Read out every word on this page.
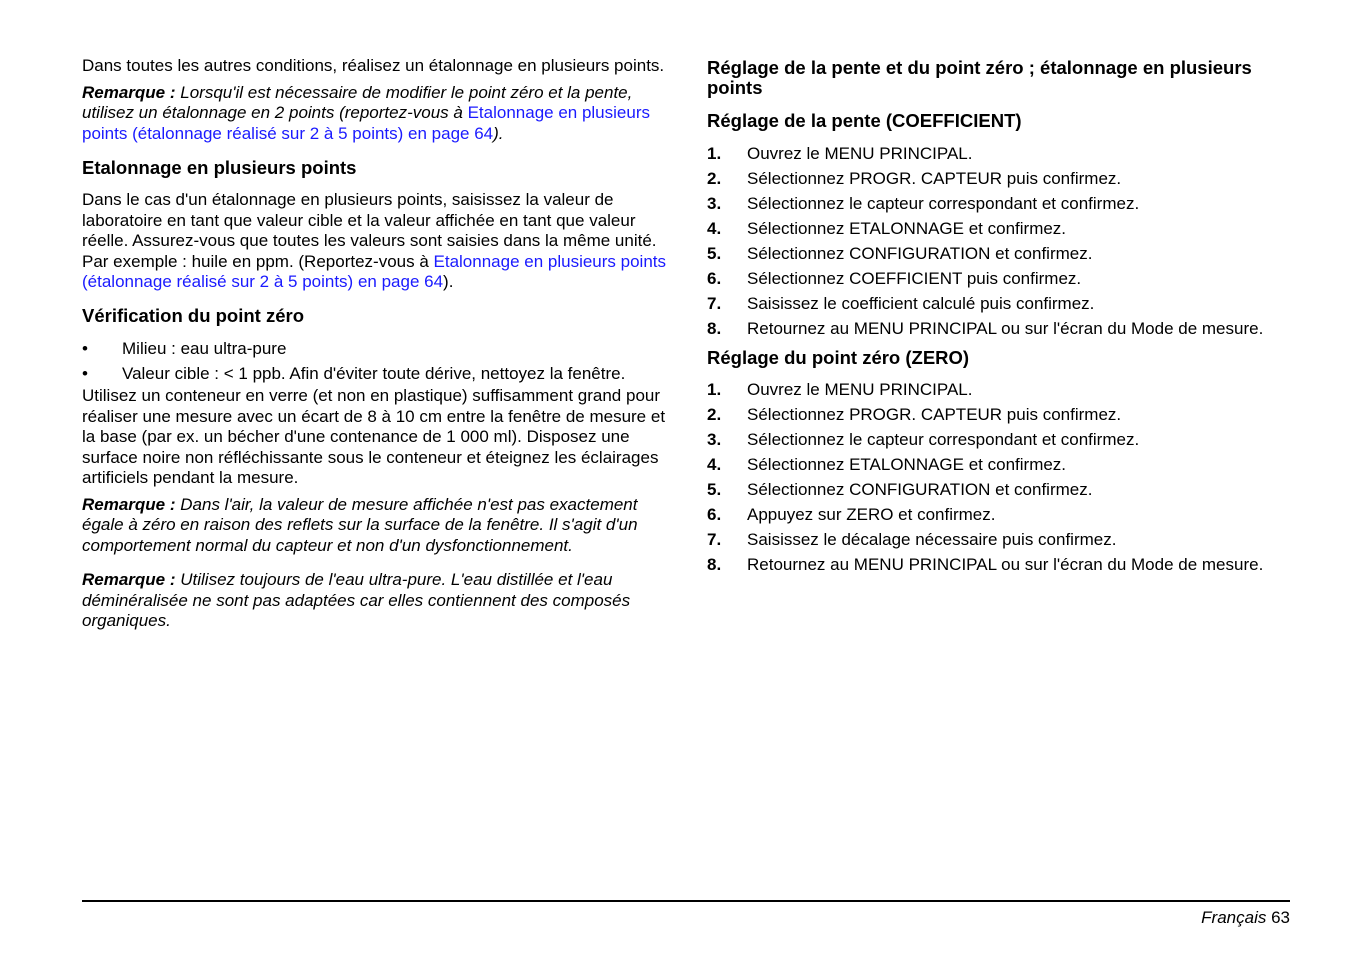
Dans toutes les autres conditions, réalisez un étalonnage en plusieurs points.

Remarque : Lorsqu'il est nécessaire de modifier le point zéro et la pente, utilisez un étalonnage en 2 points (reportez-vous à Etalonnage en plusieurs points (étalonnage réalisé sur 2 à 5 points) en page 64).

Etalonnage en plusieurs points

Dans le cas d'un étalonnage en plusieurs points, saisissez la valeur de laboratoire en tant que valeur cible et la valeur affichée en tant que valeur réelle. Assurez-vous que toutes les valeurs sont saisies dans la même unité. Par exemple : huile en ppm. (Reportez-vous à Etalonnage en plusieurs points (étalonnage réalisé sur 2 à 5 points) en page 64).

Vérification du point zéro
•	Milieu : eau ultra-pure
•	Valeur cible : < 1 ppb. Afin d'éviter toute dérive, nettoyez la fenêtre.

Utilisez un conteneur en verre (et non en plastique) suffisamment grand pour réaliser une mesure avec un écart de 8 à 10 cm entre la fenêtre de mesure et la base (par ex. un bécher d'une contenance de 1 000 ml). Disposez une surface noire non réfléchissante sous le conteneur et éteignez les éclairages artificiels pendant la mesure.

Remarque : Dans l'air, la valeur de mesure affichée n'est pas exactement égale à zéro en raison des reflets sur la surface de la fenêtre. Il s'agit d'un comportement normal du capteur et non d'un dysfonctionnement.

Remarque : Utilisez toujours de l'eau ultra-pure. L'eau distillée et l'eau déminéralisée ne sont pas adaptées car elles contiennent des composés organiques.

Réglage de la pente et du point zéro ; étalonnage en plusieurs points
Réglage de la pente (COEFFICIENT)
1.	Ouvrez le MENU PRINCIPAL.
2.	Sélectionnez PROGR. CAPTEUR puis confirmez.
3.	Sélectionnez le capteur correspondant et confirmez.
4.	Sélectionnez ETALONNAGE et confirmez.
5.	Sélectionnez CONFIGURATION et confirmez.
6.	Sélectionnez COEFFICIENT puis confirmez.
7.	Saisissez le coefficient calculé puis confirmez.
8.	Retournez au MENU PRINCIPAL ou sur l'écran du Mode de mesure.
Réglage du point zéro (ZERO)
1.	Ouvrez le MENU PRINCIPAL.
2.	Sélectionnez PROGR. CAPTEUR puis confirmez.
3.	Sélectionnez le capteur correspondant et confirmez.
4.	Sélectionnez ETALONNAGE et confirmez.
5.	Sélectionnez CONFIGURATION et confirmez.
6.	Appuyez sur ZERO et confirmez.
7.	Saisissez le décalage nécessaire puis confirmez.
8.	Retournez au MENU PRINCIPAL ou sur l'écran du Mode de mesure.
Français 63
